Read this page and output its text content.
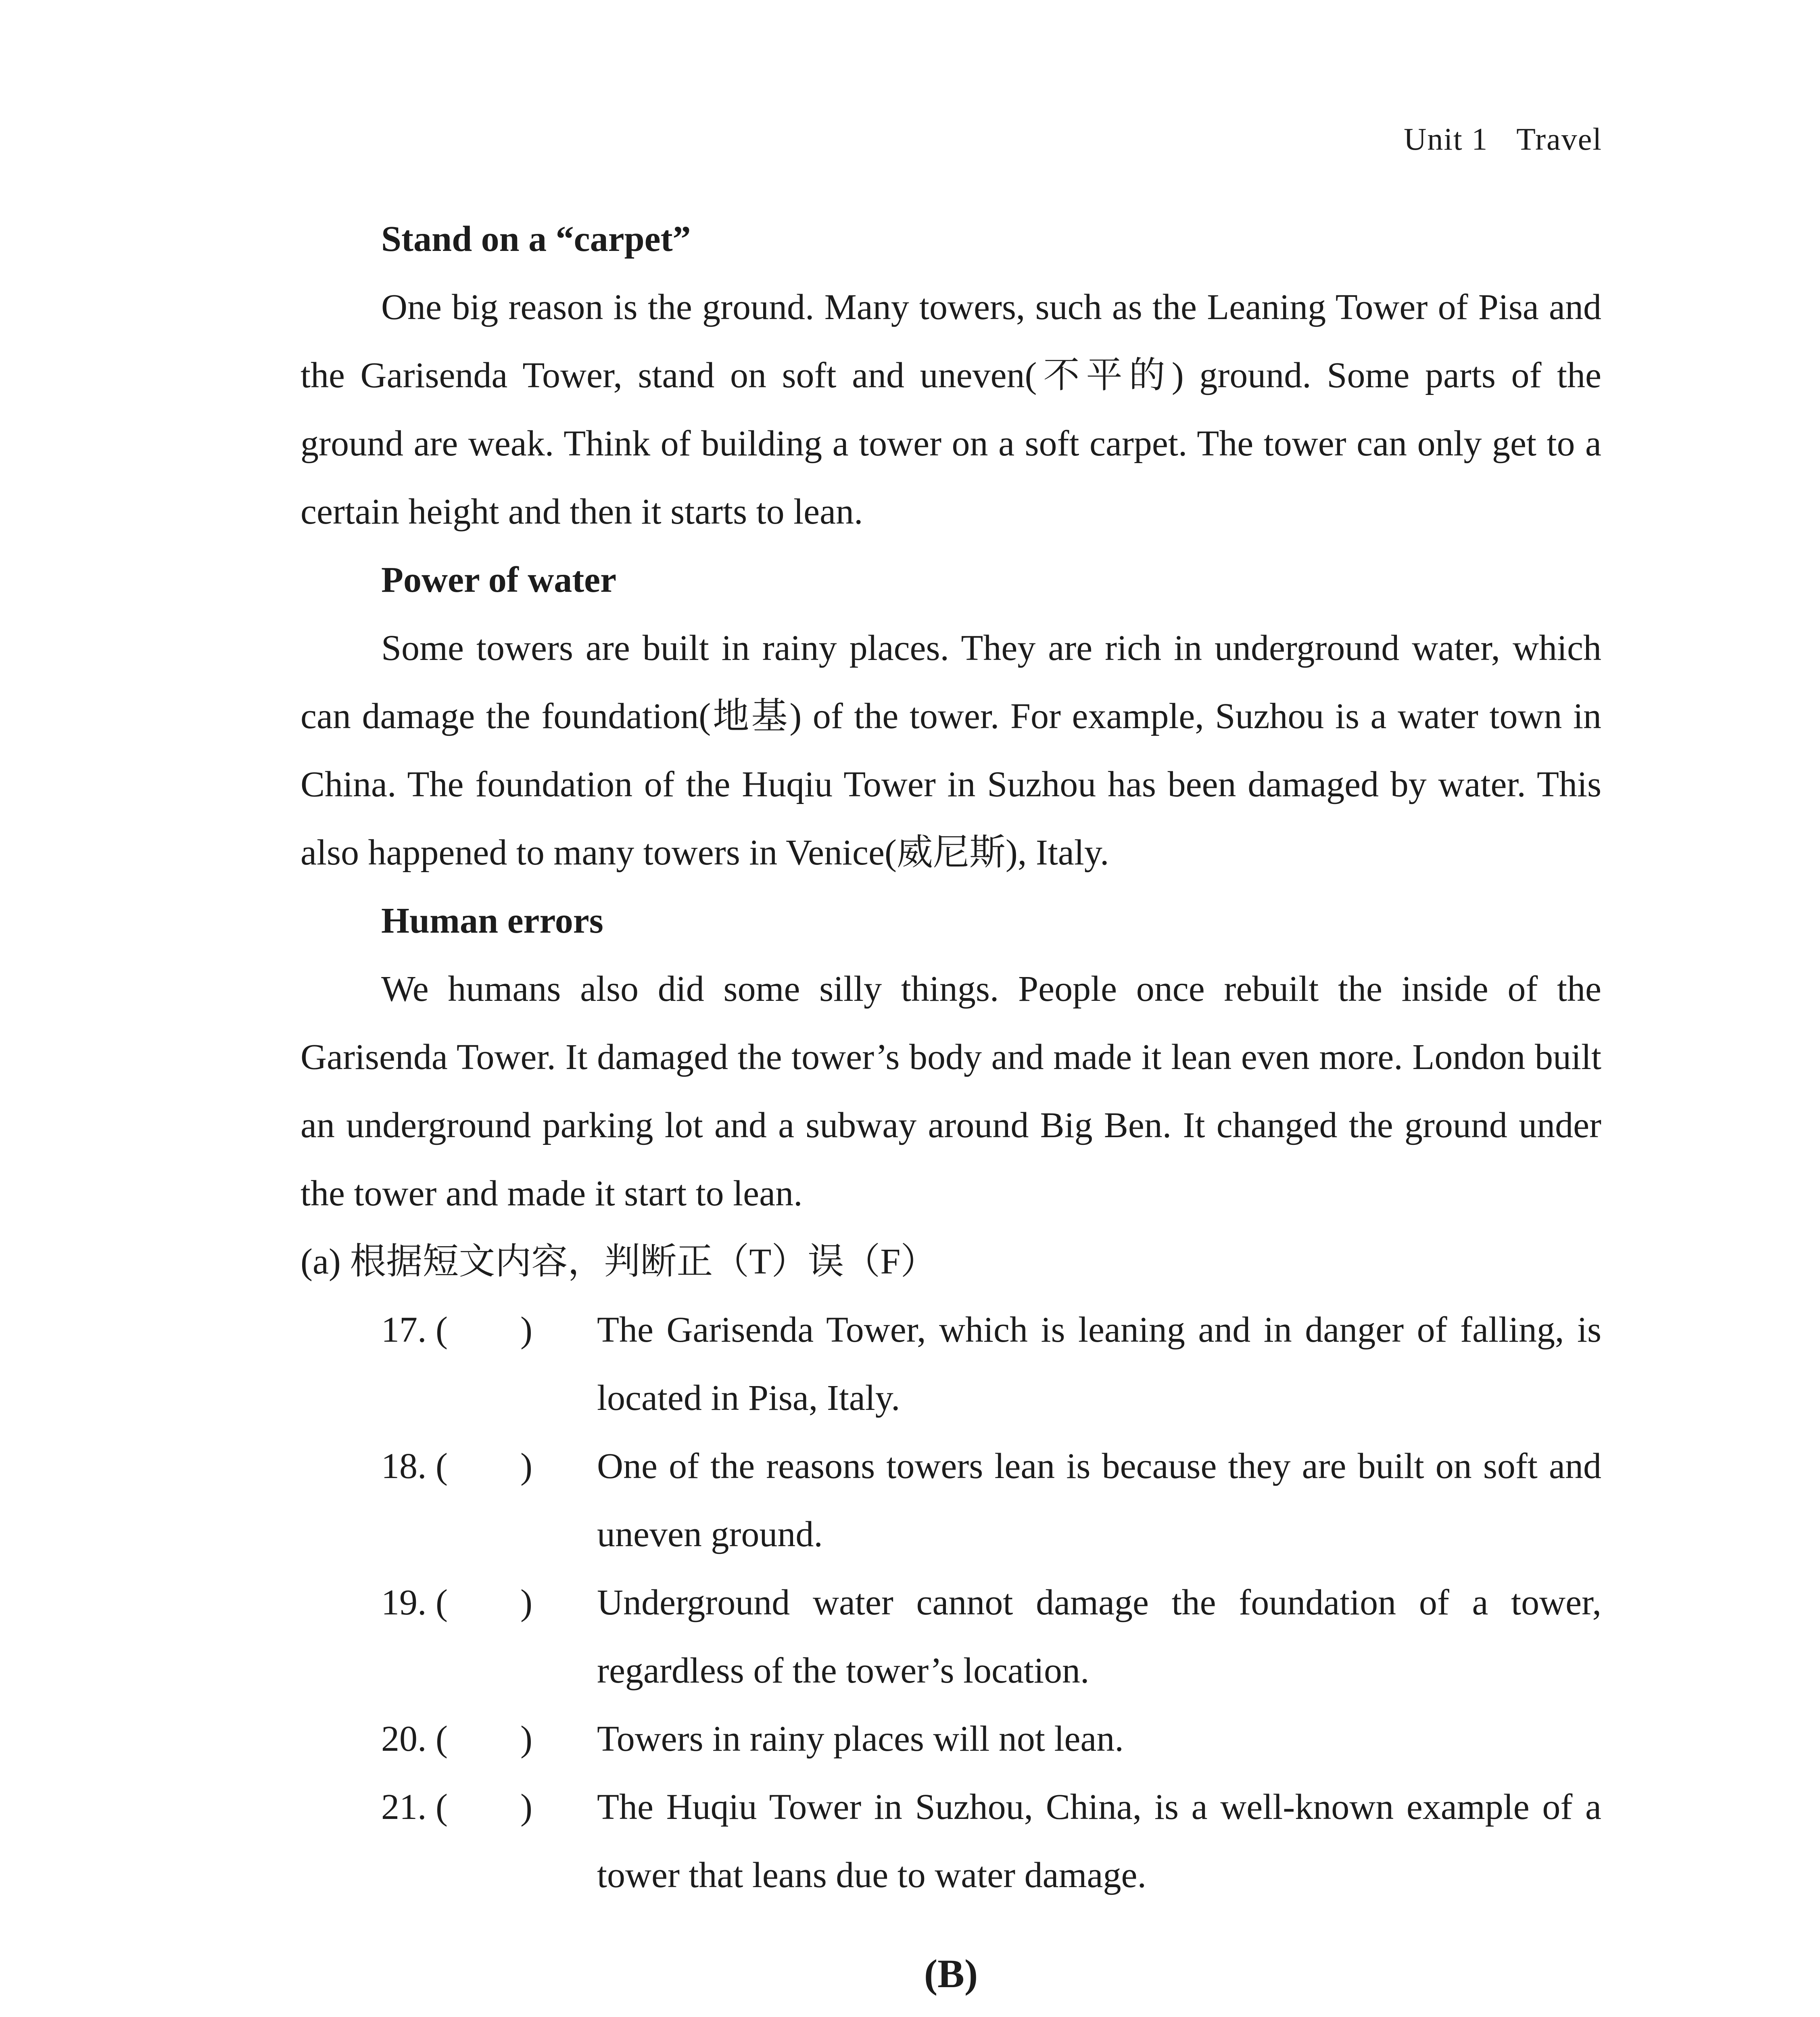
Unit 1 Travel

Stand on a “carpet”

One big reason is the ground. Many towers, such as the Leaning Tower of Pisa and the Garisenda Tower, stand on soft and uneven(不平的) ground. Some parts of the ground are weak. Think of building a tower on a soft carpet. The tower can only get to a certain height and then it starts to lean.

Power of water

Some towers are built in rainy places. They are rich in underground water, which can damage the foundation(地基) of the tower. For example, Suzhou is a water town in China. The foundation of the Huqiu Tower in Suzhou has been damaged by water. This also happened to many towers in Venice(威尼斯), Italy.

Human errors

We humans also did some silly things. People once rebuilt the inside of the Garisenda Tower. It damaged the tower’s body and made it lean even more. London built an underground parking lot and a subway around Big Ben. It changed the ground under the tower and made it start to lean.

(a) 根据短文内容，判断正（T）误（F）

17. (        ) The Garisenda Tower, which is leaning and in danger of falling, is located in Pisa, Italy.
18. (        ) One of the reasons towers lean is because they are built on soft and uneven ground.
19. (        ) Underground water cannot damage the foundation of a tower, regardless of the tower’s location.
20. (        ) Towers in rainy places will not lean.
21. (        ) The Huqiu Tower in Suzhou, China, is a well-known example of a tower that leans due to water damage.
(B)
